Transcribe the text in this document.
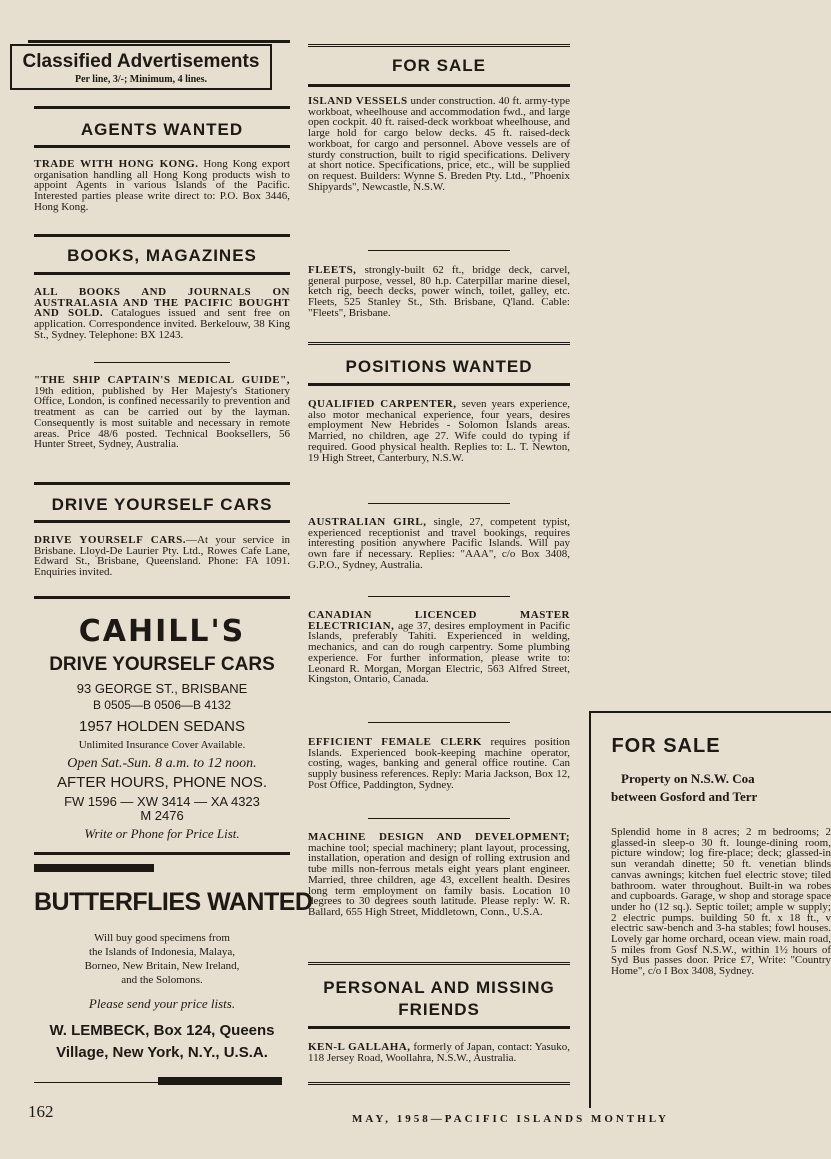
Classified Advertisements
Per line, 3/-; Minimum, 4 lines.
AGENTS WANTED

TRADE WITH HONG KONG. Hong Kong export organisation handling all Hong Kong products wish to appoint Agents in various Islands of the Pacific. Interested parties please write direct to: P.O. Box 3446, Hong Kong.

BOOKS, MAGAZINES

ALL BOOKS AND JOURNALS ON AUSTRALASIA AND THE PACIFIC BOUGHT AND SOLD. Catalogues issued and sent free on application. Correspondence invited. Berkelouw, 38 King St., Sydney. Telephone: BX 1243.

"THE SHIP CAPTAIN'S MEDICAL GUIDE", 19th edition, published by Her Majesty's Stationery Office, London, is confined necessarily to prevention and treatment as can be carried out by the layman. Consequently is most suitable and necessary in remote areas. Price 48/6 posted. Technical Booksellers, 56 Hunter Street, Sydney, Australia.

DRIVE YOURSELF CARS

DRIVE YOURSELF CARS.—At your service in Brisbane. Lloyd-De Laurier Pty. Ltd., Rowes Cafe Lane, Edward St., Brisbane, Queensland. Phone: FA 1091. Enquiries invited.

CAHILL'S
DRIVE YOURSELF CARS
93 GEORGE ST., BRISBANE
B 0505—B 0506—B 4132
1957 HOLDEN SEDANS
Unlimited Insurance Cover Available.
Open Sat.-Sun. 8 a.m. to 12 noon.
AFTER HOURS, PHONE NOS.
FW 1596 — XW 3414 — XA 4323
M 2476
Write or Phone for Price List.
BUTTERFLIES WANTED
Will buy good specimens from
the Islands of Indonesia, Malaya,
Borneo, New Britain, New Ireland,
and the Solomons.
Please send your price lists.
W. LEMBECK, Box 124, Queens
Village, New York, N.Y., U.S.A.
FOR SALE

ISLAND VESSELS under construction. 40 ft. army-type workboat, wheelhouse and accommodation fwd., and large open cockpit. 40 ft. raised-deck workboat wheelhouse, and large hold for cargo below decks. 45 ft. raised-deck workboat, for cargo and personnel. Above vessels are of sturdy construction, built to rigid specifications. Delivery at short notice. Specifications, price, etc., will be supplied on request. Builders: Wynne S. Breden Pty. Ltd., "Phoenix Shipyards", Newcastle, N.S.W.

FLEETS, strongly-built 62 ft., bridge deck, carvel, general purpose, vessel, 80 h.p. Caterpillar marine diesel, ketch rig, beech decks, power winch, toilet, galley, etc. Fleets, 525 Stanley St., Sth. Brisbane, Q'land. Cable: "Fleets", Brisbane.

POSITIONS WANTED

QUALIFIED CARPENTER, seven years experience, also motor mechanical experience, four years, desires employment New Hebrides - Solomon Islands areas. Married, no children, age 27. Wife could do typing if required. Good physical health. Replies to: L. T. Newton, 19 High Street, Canterbury, N.S.W.

AUSTRALIAN GIRL, single, 27, competent typist, experienced receptionist and travel bookings, requires interesting position anywhere Pacific Islands. Will pay own fare if necessary. Replies: "AAA", c/o Box 3408, G.P.O., Sydney, Australia.

CANADIAN LICENCED MASTER ELECTRICIAN, age 37, desires employment in Pacific Islands, preferably Tahiti. Experienced in welding, mechanics, and can do rough carpentry. Some plumbing experience. For further information, please write to: Leonard R. Morgan, Morgan Electric, 563 Alfred Street, Kingston, Ontario, Canada.

EFFICIENT FEMALE CLERK requires position Islands. Experienced book-keeping machine operator, costing, wages, banking and general office routine. Can supply business references. Reply: Maria Jackson, Box 12, Post Office, Paddington, Sydney.

MACHINE DESIGN AND DEVELOPMENT; machine tool; special machinery; plant layout, processing, installation, operation and design of rolling extrusion and tube mills non-ferrous metals eight years plant engineer. Married, three children, age 43, excellent health. Desires long term employment on family basis. Location 10 degrees to 30 degrees south latitude. Please reply: W. R. Ballard, 655 High Street, Middletown, Conn., U.S.A.

PERSONAL AND MISSING
FRIENDS

KEN-L GALLAHA, formerly of Japan, contact: Yasuko, 118 Jersey Road, Woollahra, N.S.W., Australia.

FOR SALE
Property on N.S.W. Coa
between Gosford and Terr

Splendid home in 8 acres; 2 m bedrooms; 2 glassed-in sleep-o 30 ft. lounge-dining room, picture window; log fire-place; deck; glassed-in sun verandah dinette; 50 ft. venetian blinds canvas awnings; kitchen fuel electric stove; tiled bathroom. water throughout. Built-in wa robes and cupboards. Garage, w shop and storage space under ho (12 sq.). Septic toilet; ample w supply; 2 electric pumps. building 50 ft. x 18 ft., v electric saw-bench and 3-ha stables; fowl houses. Lovely gar home orchard, ocean view. main road, 5 miles from Gosf N.S.W., within 1½ hours of Syd Bus passes door. Price £7, Write: "Country Home", c/o I Box 3408, Sydney.

162	MAY, 1958—PACIFIC ISLANDS MONTHLY
